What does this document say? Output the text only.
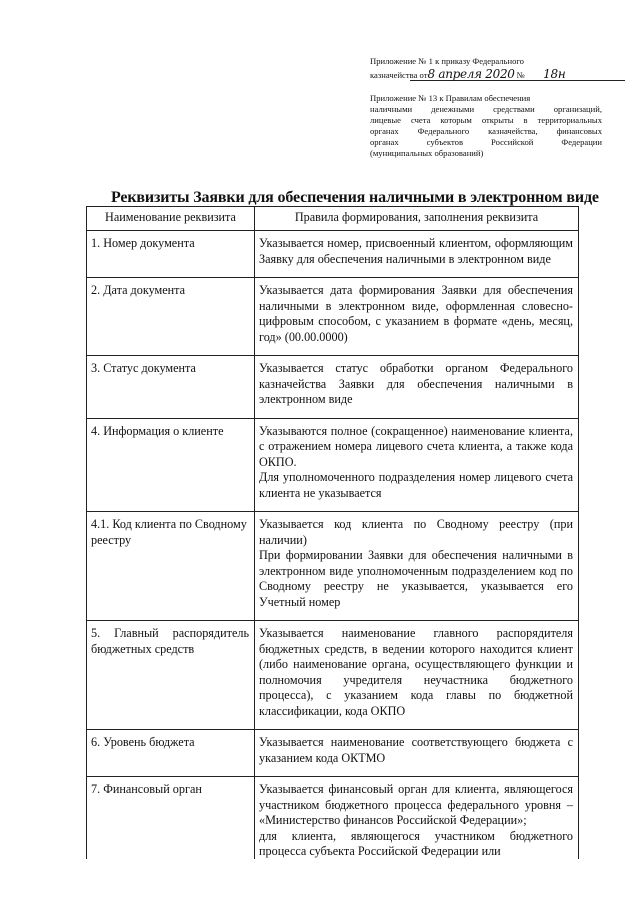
Приложение № 1 к приказу Федерального
казначейства от8 апреля 2020 № 18н

Приложение № 13 к Правилам обеспечения

наличными денежными средствами организаций,

лицевые счета которым открыты в территориальных

органах Федерального казначейства, финансовых

органах субъектов Российской Федерации

(муниципальных образований)

Реквизиты Заявки для обеспечения наличными в электронном виде
Наименование реквизита	Правила формирования, заполнения реквизита
1. Номер документа	Указывается номер, присвоенный клиентом, оформляющим Заявку для обеспечения наличными в электронном виде

2. Дата документа	Указывается дата формирования Заявки для обеспечения наличными в электронном виде, оформленная словесно-цифровым способом, с указанием в формате «день, месяц, год» (00.00.0000)

3. Статус документа	Указывается статус обработки органом Федерального казначейства Заявки для обеспечения наличными в электронном виде

4. Информация о клиенте	Указываются полное (сокращенное) наименование клиента, с отражением номера лицевого счета клиента, а также кода ОКПО.
Для уполномоченного подразделения номер лицевого счета клиента не указывается

4.1. Код клиента по Сводному реестру	Указывается код клиента по Сводному реестру (при наличии)
При формировании Заявки для обеспечения наличными в электронном виде уполномоченным подразделением код по Сводному реестру не указывается, указывается его Учетный номер

5. Главный распорядитель бюджетных средств	Указывается наименование главного распорядителя бюджетных средств, в ведении которого находится клиент (либо наименование органа, осуществляющего функции и полномочия учредителя неучастника бюджетного процесса), с указанием кода главы по бюджетной классификации, кода ОКПО

6. Уровень бюджета	Указывается наименование соответствующего бюджета с указанием кода ОКТМО

7. Финансовый орган	Указывается финансовый орган для клиента, являющегося участником бюджетного процесса федерального уровня – «Министерство финансов Российской Федерации»;
для клиента, являющегося участником бюджетного процесса субъекта Российской Федерации или
